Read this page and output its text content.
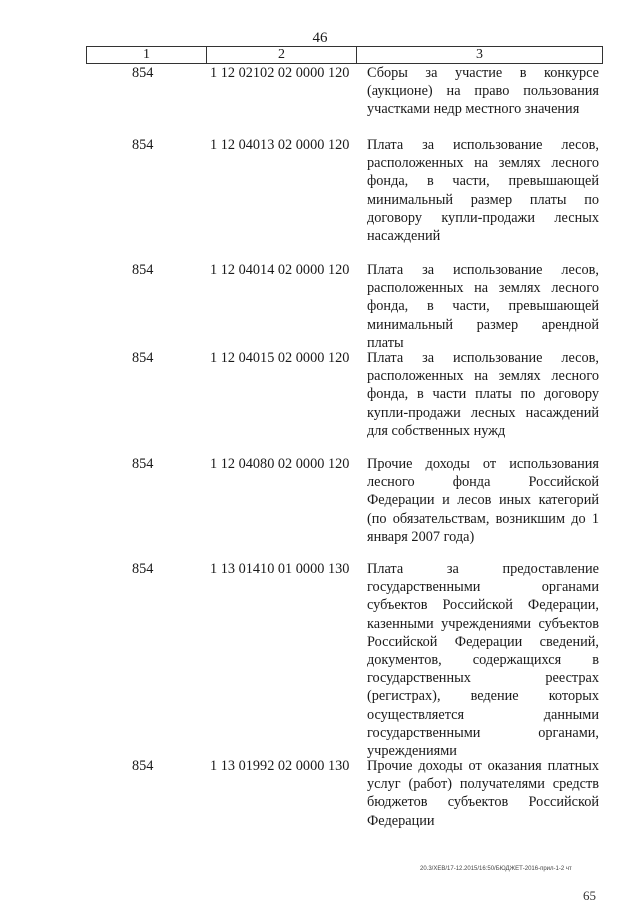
46
1	2	3
854	1 12 02102 02 0000 120	Сборы за участие в конкурсе (аукционе) на право пользования участками недр местного значения
854	1 12 04013 02 0000 120	Плата за использование лесов, расположенных на землях лесного фонда, в части, превышающей минимальный размер платы по договору купли-продажи лесных насаждений
854	1 12 04014 02 0000 120	Плата за использование лесов, расположенных на землях лесного фонда, в части, превышающей минимальный размер арендной платы
854	1 12 04015 02 0000 120	Плата за использование лесов, расположенных на землях лесного фонда, в части платы по договору купли-продажи лесных насаждений для собственных нужд
854	1 12 04080 02 0000 120	Прочие доходы от использования лесного фонда Российской Федерации и лесов иных категорий (по обязательствам, возникшим до 1 января 2007 года)
854	1 13 01410 01 0000 130	Плата за предоставление государственными органами субъектов Российской Федерации, казенными учреждениями субъектов Российской Федерации сведений, документов, содержащихся в государственных реестрах (регистрах), ведение которых осуществляется данными государственными органами, учреждениями
854	1 13 01992 02 0000 130	Прочие доходы от оказания платных услуг (работ) получателями средств бюджетов субъектов Российской Федерации
20.3/ХЕВ/17-12.2015/16:50/БЮДЖЕТ-2016-прил-1-2 чт
65
